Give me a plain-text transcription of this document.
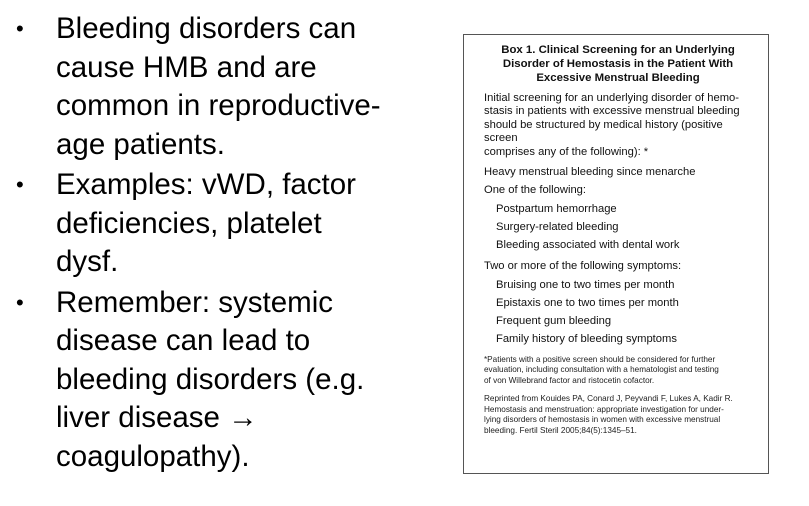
•	Bleeding disorders can
cause HMB and are
common in reproductive-
age patients.
•	Examples: vWD, factor
deficiencies, platelet
dysf.
•	Remember: systemic
disease can lead to
bleeding disorders (e.g.
liver disease →
coagulopathy).
Box 1. Clinical Screening for an Underlying
Disorder of Hemostasis in the Patient With
Excessive Menstrual Bleeding
Initial screening for an underlying disorder of hemo-
stasis in patients with excessive menstrual bleeding
should be structured by medical history (positive screen
comprises any of the following): *
Heavy menstrual bleeding since menarche
One of the following:
Postpartum hemorrhage
Surgery-related bleeding
Bleeding associated with dental work
Two or more of the following symptoms:
Bruising one to two times per month
Epistaxis one to two times per month
Frequent gum bleeding
Family history of bleeding symptoms
*Patients with a positive screen should be considered for further
evaluation, including consultation with a hematologist and testing
of von Willebrand factor and ristocetin cofactor.
Reprinted from Kouides PA, Conard J, Peyvandi F, Lukes A, Kadir R.
Hemostasis and menstruation: appropriate investigation for under-
lying disorders of hemostasis in women with excessive menstrual
bleeding. Fertil Steril 2005;84(5):1345–51.
